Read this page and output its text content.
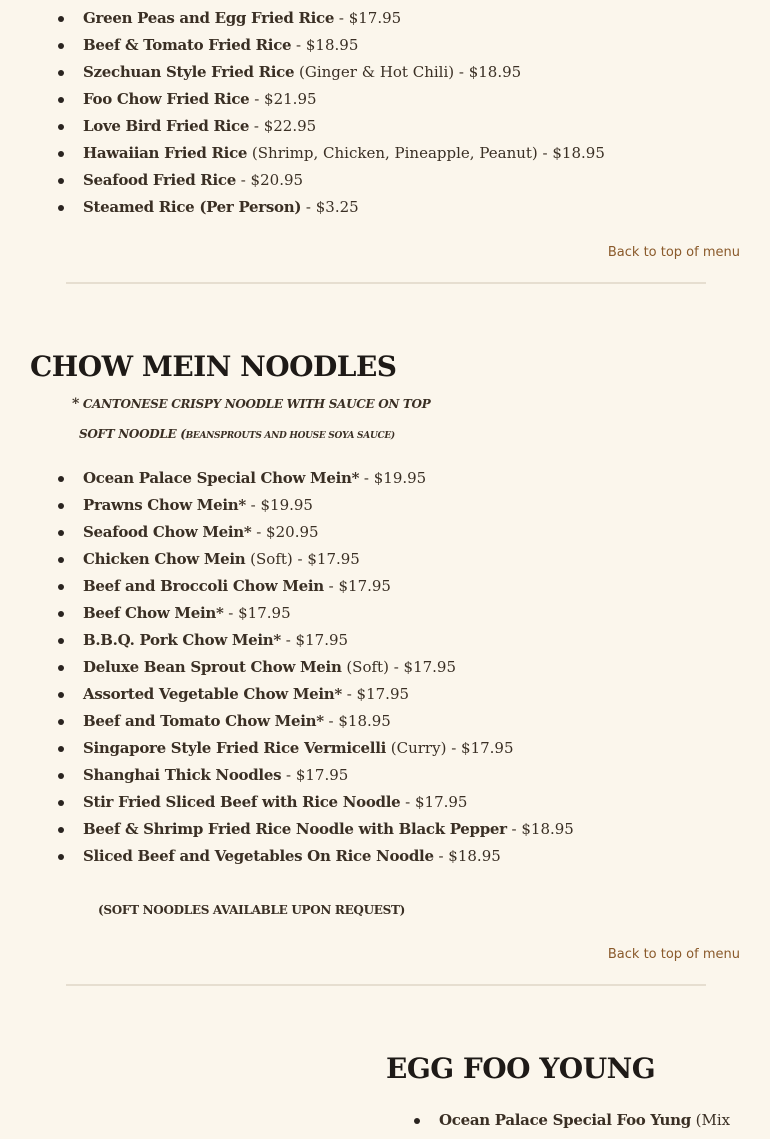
Green Peas and Egg Fried Rice - $17.95
Beef & Tomato Fried Rice - $18.95
Szechuan Style Fried Rice (Ginger & Hot Chili) - $18.95
Foo Chow Fried Rice - $21.95
Love Bird Fried Rice - $22.95
Hawaiian Fried Rice (Shrimp, Chicken, Pineapple, Peanut) - $18.95
Seafood Fried Rice - $20.95
Steamed Rice (Per Person) - $3.25
Back to top of menu
CHOW MEIN NOODLES
* CANTONESE CRISPY NOODLE WITH SAUCE ON TOP
SOFT NOODLE (BEANSPROUTS AND HOUSE SOYA SAUCE)
Ocean Palace Special Chow Mein* - $19.95
Prawns Chow Mein* - $19.95
Seafood Chow Mein* - $20.95
Chicken Chow Mein (Soft) - $17.95
Beef and Broccoli Chow Mein - $17.95
Beef Chow Mein* - $17.95
B.B.Q. Pork Chow Mein* - $17.95
Deluxe Bean Sprout Chow Mein (Soft) - $17.95
Assorted Vegetable Chow Mein* - $17.95
Beef and Tomato Chow Mein* - $18.95
Singapore Style Fried Rice Vermicelli (Curry) - $17.95
Shanghai Thick Noodles - $17.95
Stir Fried Sliced Beef with Rice Noodle - $17.95
Beef & Shrimp Fried Rice Noodle with Black Pepper - $18.95
Sliced Beef and Vegetables On Rice Noodle - $18.95
(SOFT NOODLES AVAILABLE UPON REQUEST)
Back to top of menu
EGG FOO YOUNG
Ocean Palace Special Foo Yung (Mix
